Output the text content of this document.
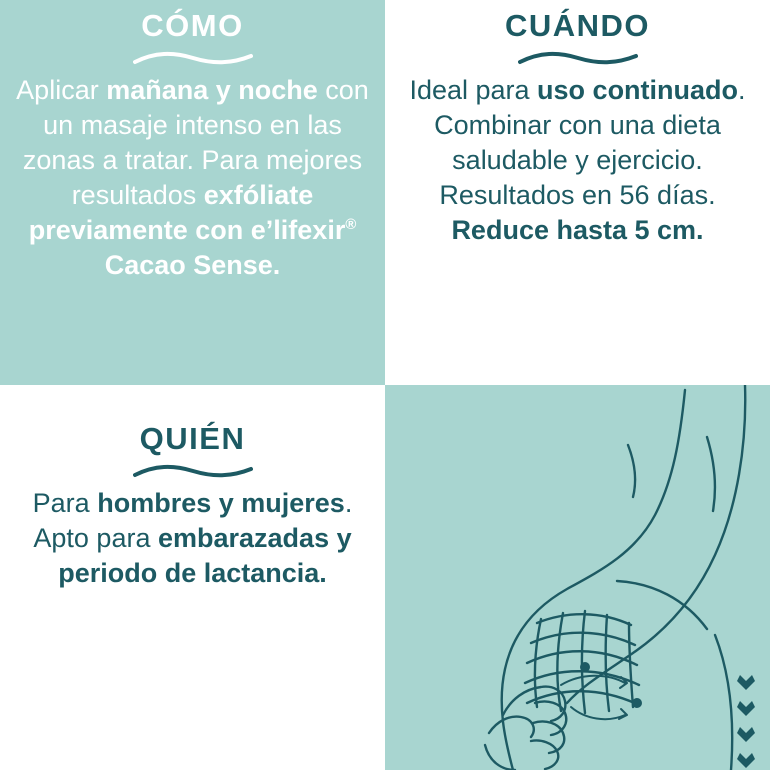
CÓMO
Aplicar mañana y noche con un masaje intenso en las zonas a tratar. Para mejores resultados exfóliate previamente con eʼlifexir® Cacao Sense.
CUÁNDO
Ideal para uso continuado. Combinar con una dieta saludable y ejercicio. Resultados en 56 días. Reduce hasta 5 cm.
QUIÉN
Para hombres y mujeres. Apto para embarazadas y periodo de lactancia.
